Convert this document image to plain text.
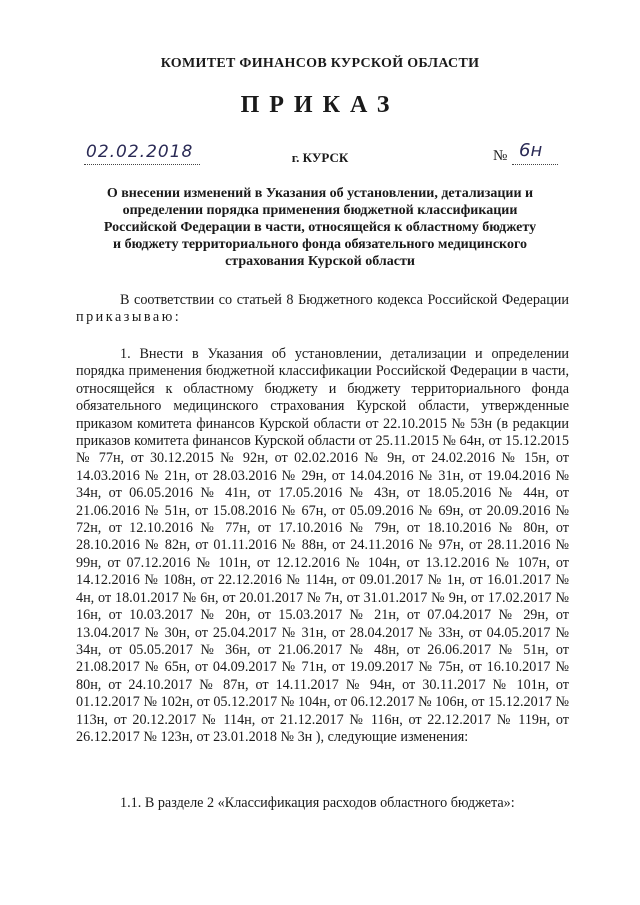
КОМИТЕТ ФИНАНСОВ КУРСКОЙ ОБЛАСТИ
ПРИКАЗ
02.02.2018	г. КУРСК	№ 6н
О внесении изменений в Указания об установлении, детализации и определении порядка применения бюджетной классификации Российской Федерации в части, относящейся к областному бюджету и бюджету территориального фонда обязательного медицинского страхования Курской области
В соответствии со статьей 8 Бюджетного кодекса Российской Федерации приказываю:
1. Внести в Указания об установлении, детализации и определении порядка применения бюджетной классификации Российской Федерации в части, относящейся к областному бюджету и бюджету территориального фонда обязательного медицинского страхования Курской области, утвержденные приказом комитета финансов Курской области от 22.10.2015 № 53н (в редакции приказов комитета финансов Курской области от 25.11.2015 № 64н, от 15.12.2015 № 77н, от 30.12.2015 № 92н, от 02.02.2016 № 9н, от 24.02.2016 № 15н, от 14.03.2016 № 21н, от 28.03.2016 № 29н, от 14.04.2016 № 31н, от 19.04.2016 № 34н, от 06.05.2016 № 41н, от 17.05.2016 № 43н, от 18.05.2016 № 44н, от 21.06.2016 № 51н, от 15.08.2016 № 67н, от 05.09.2016 № 69н, от 20.09.2016 № 72н, от 12.10.2016 № 77н, от 17.10.2016 № 79н, от 18.10.2016 № 80н, от 28.10.2016 № 82н, от 01.11.2016 № 88н, от 24.11.2016 № 97н, от 28.11.2016 № 99н, от 07.12.2016 № 101н, от 12.12.2016 № 104н, от 13.12.2016 № 107н, от 14.12.2016 № 108н, от 22.12.2016 № 114н, от 09.01.2017 № 1н, от 16.01.2017 № 4н, от 18.01.2017 № 6н, от 20.01.2017 № 7н, от 31.01.2017 № 9н, от 17.02.2017 № 16н, от 10.03.2017 № 20н, от 15.03.2017 № 21н, от 07.04.2017 № 29н, от 13.04.2017 № 30н, от 25.04.2017 № 31н, от 28.04.2017 № 33н, от 04.05.2017 № 34н, от 05.05.2017 № 36н, от 21.06.2017 № 48н, от 26.06.2017 № 51н, от 21.08.2017 № 65н, от 04.09.2017 № 71н, от 19.09.2017 № 75н, от 16.10.2017 № 80н, от 24.10.2017 № 87н, от 14.11.2017 № 94н, от 30.11.2017 № 101н, от 01.12.2017 № 102н, от 05.12.2017 № 104н, от 06.12.2017 № 106н, от 15.12.2017 № 113н, от 20.12.2017 № 114н, от 21.12.2017 № 116н, от 22.12.2017 № 119н, от 26.12.2017 № 123н, от 23.01.2018 № 3н ), следующие изменения:
1.1. В разделе 2 «Классификация расходов областного бюджета»:
